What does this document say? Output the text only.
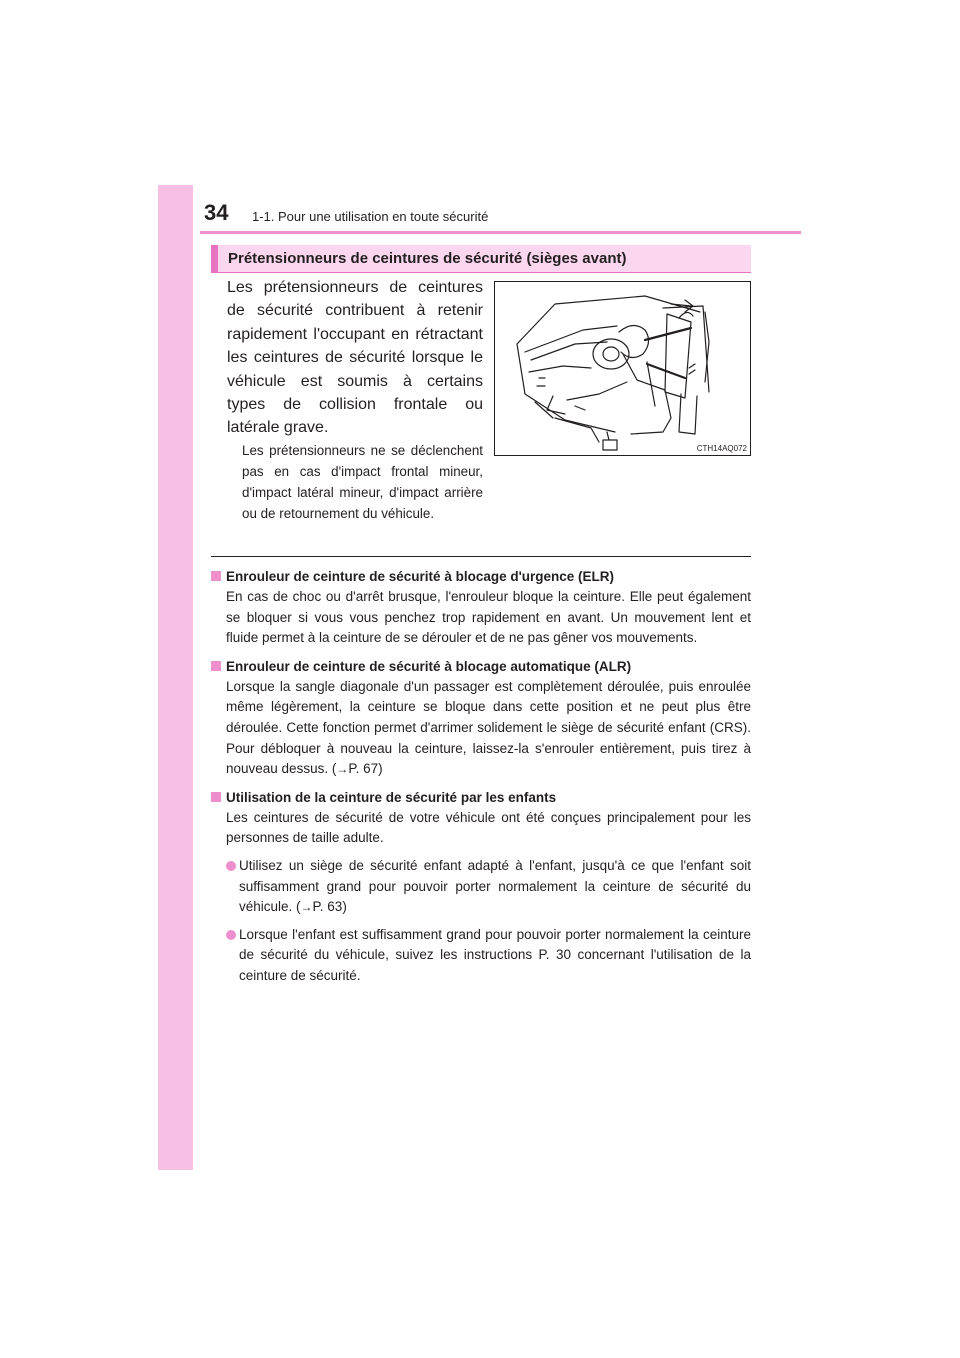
34 1-1. Pour une utilisation en toute sécurité
Prétensionneurs de ceintures de sécurité (sièges avant)
Les prétensionneurs de ceintures de sécurité contribuent à retenir rapidement l'occupant en rétractant les ceintures de sécurité lorsque le véhicule est soumis à certains types de collision frontale ou latérale grave.
Les prétensionneurs ne se déclenchent pas en cas d'impact frontal mineur, d'impact latéral mineur, d'impact arrière ou de retournement du véhicule.
CTH14AQ072

Enrouleur de ceinture de sécurité à blocage d'urgence (ELR)

En cas de choc ou d'arrêt brusque, l'enrouleur bloque la ceinture. Elle peut également se bloquer si vous vous penchez trop rapidement en avant. Un mouvement lent et fluide permet à la ceinture de se dérouler et de ne pas gêner vos mouvements.

Enrouleur de ceinture de sécurité à blocage automatique (ALR)

Lorsque la sangle diagonale d'un passager est complètement déroulée, puis enroulée même légèrement, la ceinture se bloque dans cette position et ne peut plus être déroulée. Cette fonction permet d'arrimer solidement le siège de sécurité enfant (CRS). Pour débloquer à nouveau la ceinture, laissez-la s'enrouler entièrement, puis tirez à nouveau dessus. (→P. 67)

Utilisation de la ceinture de sécurité par les enfants

Les ceintures de sécurité de votre véhicule ont été conçues principalement pour les personnes de taille adulte.

Utilisez un siège de sécurité enfant adapté à l'enfant, jusqu'à ce que l'enfant soit suffisamment grand pour pouvoir porter normalement la ceinture de sécurité du véhicule. (→P. 63)

Lorsque l'enfant est suffisamment grand pour pouvoir porter normalement la ceinture de sécurité du véhicule, suivez les instructions P. 30 concernant l'utilisation de la ceinture de sécurité.
